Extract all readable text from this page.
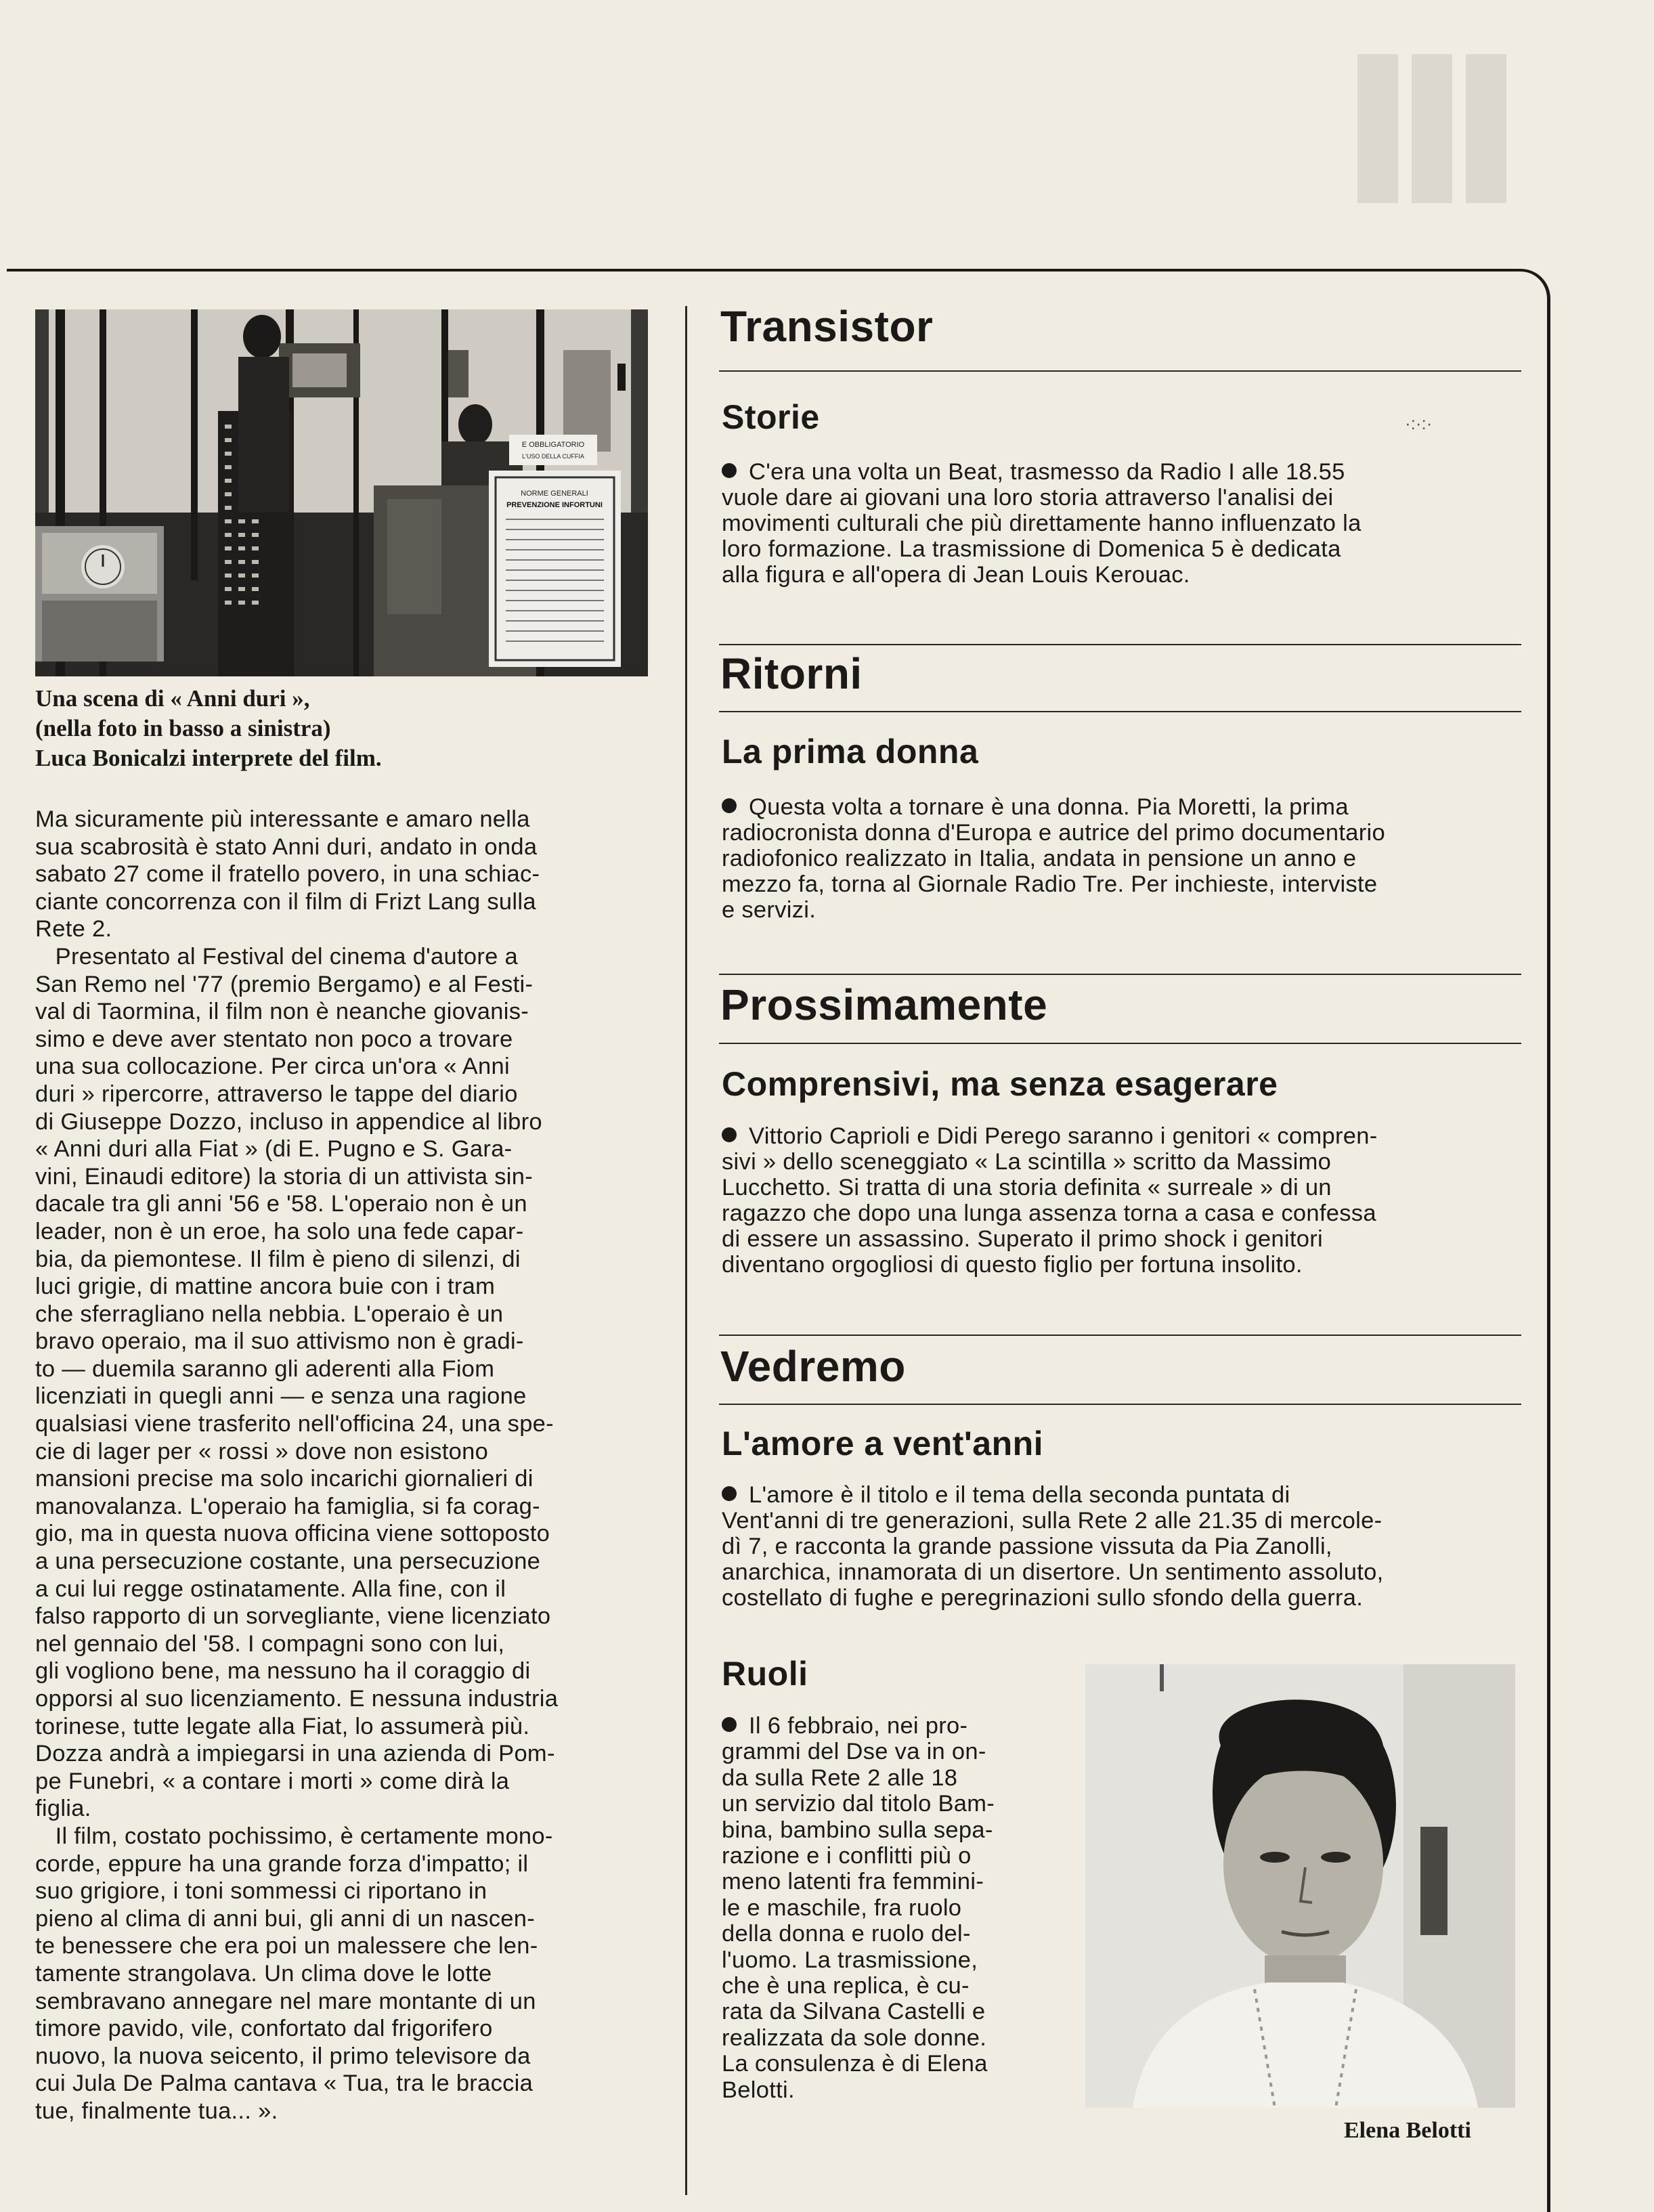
E OBBLIGATORIO
L'USO DELLA CUFFIA
NORME GENERALI
PREVENZIONE INFORTUNI

Una scena di « Anni duri »,

(nella foto in basso a sinistra)

Luca Bonicalzi interprete del film.

Ma sicuramente più interessante e amaro nella

sua scabrosità è stato Anni duri, andato in onda

sabato 27 come il fratello povero, in una schiac-

ciante concorrenza con il film di Frizt Lang sulla

Rete 2.

Presentato al Festival del cinema d'autore a

San Remo nel '77 (premio Bergamo) e al Festi-

val di Taormina, il film non è neanche giovanis-

simo e deve aver stentato non poco a trovare

una sua collocazione. Per circa un'ora « Anni

duri » ripercorre, attraverso le tappe del diario

di Giuseppe Dozzo, incluso in appendice al libro

« Anni duri alla Fiat » (di E. Pugno e S. Gara-

vini, Einaudi editore) la storia di un attivista sin-

dacale tra gli anni '56 e '58. L'operaio non è un

leader, non è un eroe, ha solo una fede capar-

bia, da piemontese. Il film è pieno di silenzi, di

luci grigie, di mattine ancora buie con i tram

che sferragliano nella nebbia. L'operaio è un

bravo operaio, ma il suo attivismo non è gradi-

to — duemila saranno gli aderenti alla Fiom

licenziati in quegli anni — e senza una ragione

qualsiasi viene trasferito nell'officina 24, una spe-

cie di lager per « rossi » dove non esistono

mansioni precise ma solo incarichi giornalieri di

manovalanza. L'operaio ha famiglia, si fa corag-

gio, ma in questa nuova officina viene sottoposto

a una persecuzione costante, una persecuzione

a cui lui regge ostinatamente. Alla fine, con il

falso rapporto di un sorvegliante, viene licenziato

nel gennaio del '58. I compagni sono con lui,

gli vogliono bene, ma nessuno ha il coraggio di

opporsi al suo licenziamento. E nessuna industria

torinese, tutte legate alla Fiat, lo assumerà più.

Dozza andrà a impiegarsi in una azienda di Pom-

pe Funebri, « a contare i morti » come dirà la

figlia.

Il film, costato pochissimo, è certamente mono-

corde, eppure ha una grande forza d'impatto; il

suo grigiore, i toni sommessi ci riportano in

pieno al clima di anni bui, gli anni di un nascen-

te benessere che era poi un malessere che len-

tamente strangolava. Un clima dove le lotte

sembravano annegare nel mare montante di un

timore pavido, vile, confortato dal frigorifero

nuovo, la nuova seicento, il primo televisore da

cui Jula De Palma cantava « Tua, tra le braccia

tue, finalmente tua... ».

Transistor
Storie	·:·:·

C'era una volta un Beat, trasmesso da Radio I alle 18.55

vuole dare ai giovani una loro storia attraverso l'analisi dei

movimenti culturali che più direttamente hanno influenzato la

loro formazione. La trasmissione di Domenica 5 è dedicata

alla figura e all'opera di Jean Louis Kerouac.

Ritorni
La prima donna

Questa volta a tornare è una donna. Pia Moretti, la prima

radiocronista donna d'Europa e autrice del primo documentario

radiofonico realizzato in Italia, andata in pensione un anno e

mezzo fa, torna al Giornale Radio Tre. Per inchieste, interviste

e servizi.

Prossimamente
Comprensivi, ma senza esagerare

Vittorio Caprioli e Didi Perego saranno i genitori « compren-

sivi » dello sceneggiato « La scintilla » scritto da Massimo

Lucchetto. Si tratta di una storia definita « surreale » di un

ragazzo che dopo una lunga assenza torna a casa e confessa

di essere un assassino. Superato il primo shock i genitori

diventano orgogliosi di questo figlio per fortuna insolito.

Vedremo
L'amore a vent'anni

L'amore è il titolo e il tema della seconda puntata di

Vent'anni di tre generazioni, sulla Rete 2 alle 21.35 di mercole-

dì 7, e racconta la grande passione vissuta da Pia Zanolli,

anarchica, innamorata di un disertore. Un sentimento assoluto,

costellato di fughe e peregrinazioni sullo sfondo della guerra.

Ruoli

Il 6 febbraio, nei pro-

grammi del Dse va in on-

da sulla Rete 2 alle 18

un servizio dal titolo Bam-

bina, bambino sulla sepa-

razione e i conflitti più o

meno latenti fra femmini-

le e maschile, fra ruolo

della donna e ruolo del-

l'uomo. La trasmissione,

che è una replica, è cu-

rata da Silvana Castelli e

realizzata da sole donne.

La consulenza è di Elena

Belotti.

Elena Belotti
